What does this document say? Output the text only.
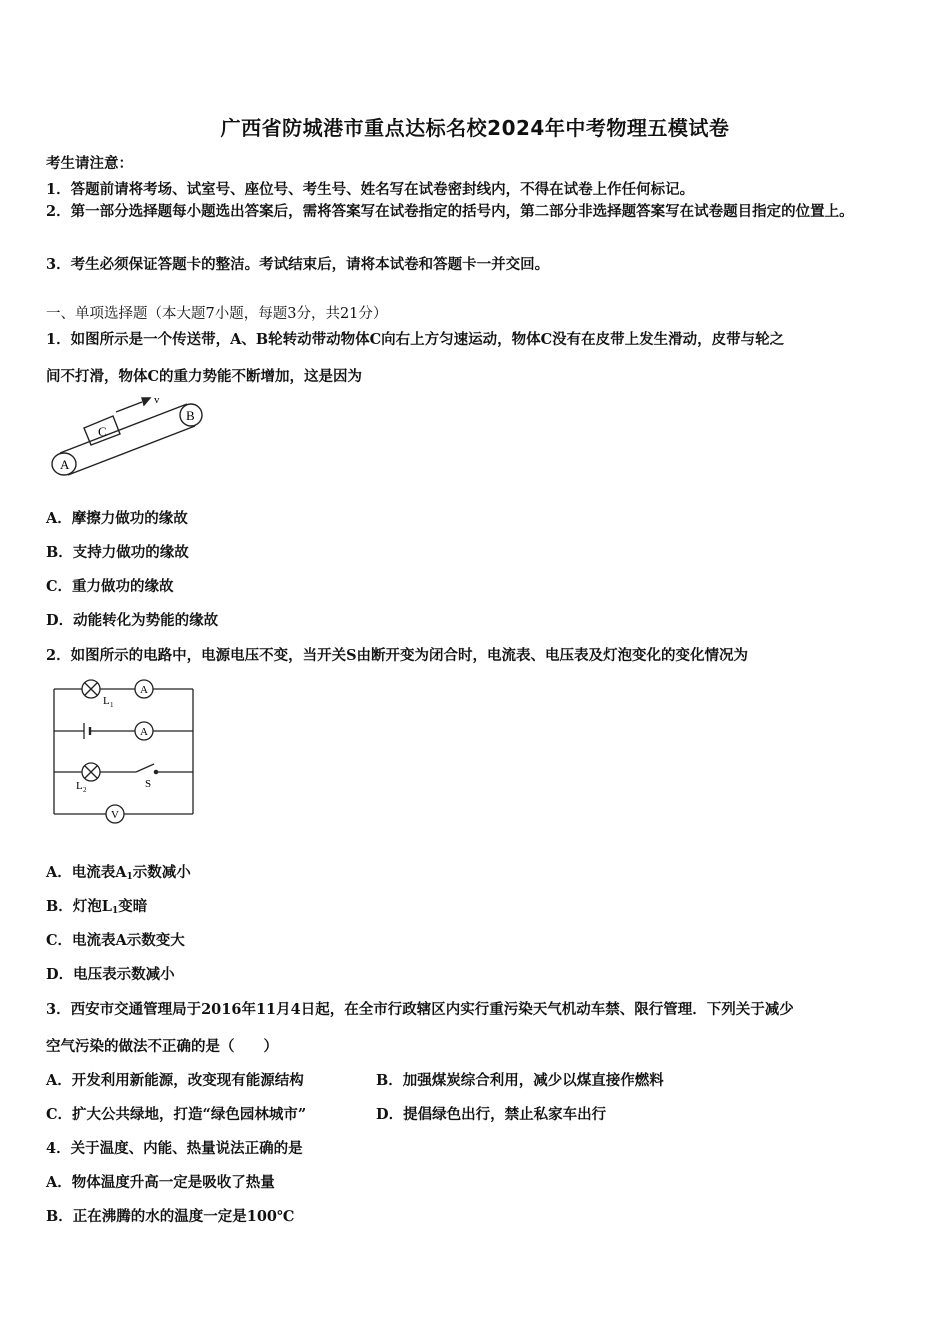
广西省防城港市重点达标名校2024年中考物理五模试卷
考生请注意：
1．答题前请将考场、试室号、座位号、考生号、姓名写在试卷密封线内，不得在试卷上作任何标记。
2．第一部分选择题每小题选出答案后，需将答案写在试卷指定的括号内，第二部分非选择题答案写在试卷题目指定的位置上。
3．考生必须保证答题卡的整洁。考试结束后，请将本试卷和答题卡一并交回。
一、单项选择题（本大题7小题，每题3分，共21分）
1．如图所示是一个传送带，A、B轮转动带动物体C向右上方匀速运动，物体C没有在皮带上发生滑动，皮带与轮之
间不打滑，物体C的重力势能不断增加，这是因为
A
B
C
v
A．摩擦力做功的缘故
B．支持力做功的缘故
C．重力做功的缘故
D．动能转化为势能的缘故
2．如图所示的电路中，电源电压不变，当开关S由断开变为闭合时，电流表、电压表及灯泡变化的变化情况为
A
A
V
L 1
L 2	S
A．电流表$A_1$示数减小
B．灯泡$L_1$变暗
C．电流表A示数变大
D．电压表示数减小
3．西安市交通管理局于2016年11月4日起，在全市行政辖区内实行重污染天气机动车禁、限行管理．下列关于减少
空气污染的做法不正确的是（　　）
A．开发利用新能源，改变现有能源结构	B．加强煤炭综合利用，减少以煤直接作燃料
C．扩大公共绿地，打造“绿色园林城市”	D．提倡绿色出行，禁止私家车出行
4．关于温度、内能、热量说法正确的是
A．物体温度升高一定是吸收了热量
B．正在沸腾的水的温度一定是100℃
